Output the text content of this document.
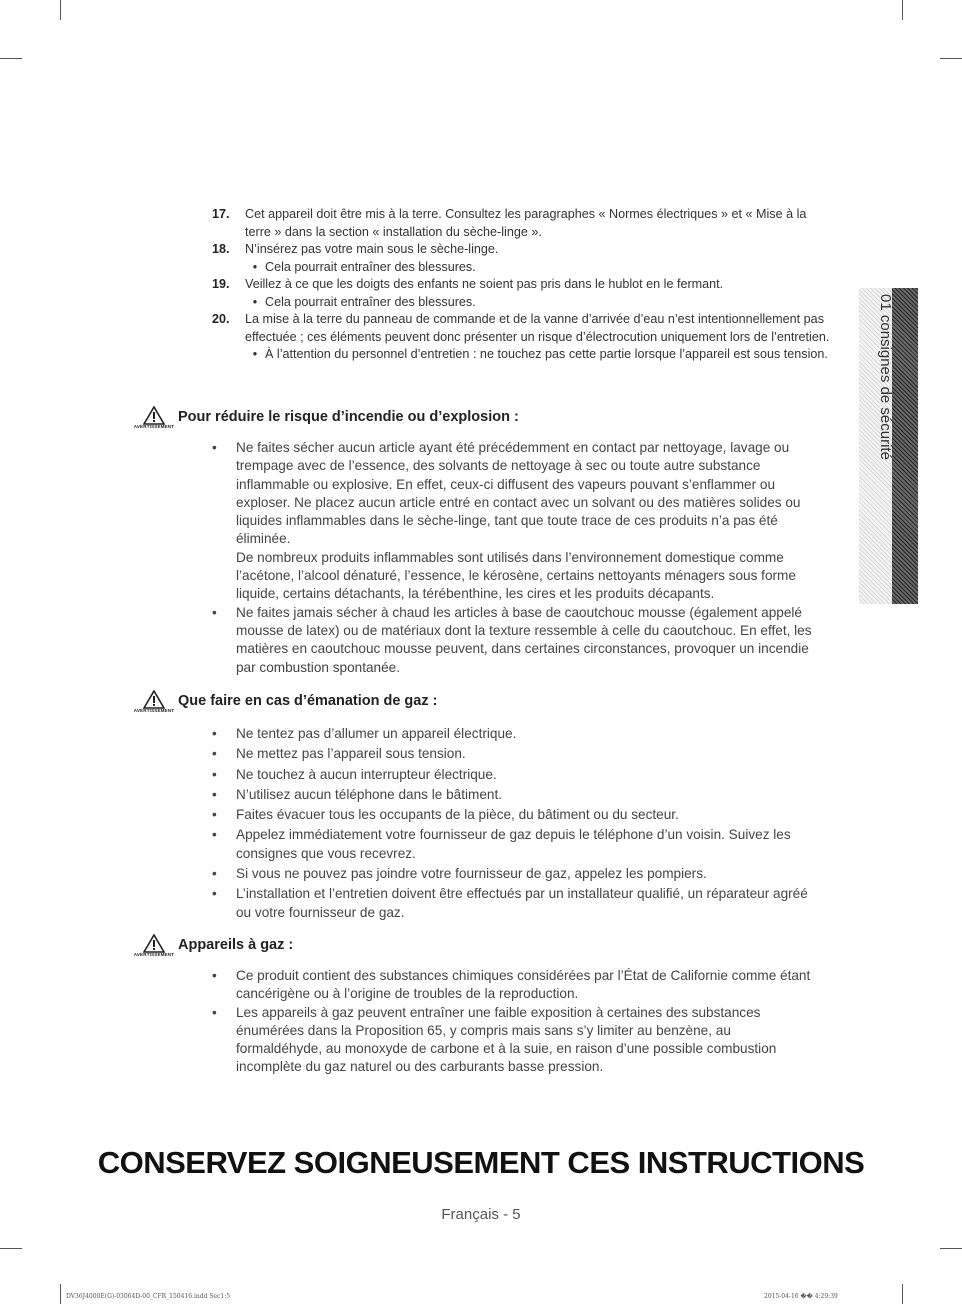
17.	Cet appareil doit être mis à la terre. Consultez les paragraphes « Normes électriques » et « Mise à la terre » dans la section « installation du sèche-linge ».
18.	N’insérez pas votre main sous le sèche-linge.
• Cela pourrait entraîner des blessures.
19.	Veillez à ce que les doigts des enfants ne soient pas pris dans le hublot en le fermant.
• Cela pourrait entraîner des blessures.
20.	La mise à la terre du panneau de commande et de la vanne d’arrivée d’eau n’est intentionnellement pas effectuée ; ces éléments peuvent donc présenter un risque d’électrocution uniquement lors de l’entretien.
• À l’attention du personnel d’entretien : ne touchez pas cette partie lorsque l’appareil est sous tension.
AVERTISSEMENT
Pour réduire le risque d’incendie ou d’explosion :
•	Ne faites sécher aucun article ayant été précédemment en contact par nettoyage, lavage ou trempage avec de l’essence, des solvants de nettoyage à sec ou toute autre substance inflammable ou explosive. En effet, ceux-ci diffusent des vapeurs pouvant s’enflammer ou exploser. Ne placez aucun article entré en contact avec un solvant ou des matières solides ou liquides inflammables dans le sèche-linge, tant que toute trace de ces produits n’a pas été éliminée.
De nombreux produits inflammables sont utilisés dans l’environnement domestique comme l’acétone, l’alcool dénaturé, l’essence, le kérosène, certains nettoyants ménagers sous forme liquide, certains détachants, la térébenthine, les cires et les produits décapants.
•	Ne faites jamais sécher à chaud les articles à base de caoutchouc mousse (également appelé mousse de latex) ou de matériaux dont la texture ressemble à celle du caoutchouc. En effet, les matières en caoutchouc mousse peuvent, dans certaines circonstances, provoquer un incendie par combustion spontanée.
AVERTISSEMENT
Que faire en cas d’émanation de gaz :
•	Ne tentez pas d’allumer un appareil électrique.
•	Ne mettez pas l’appareil sous tension.
•	Ne touchez à aucun interrupteur électrique.
•	N’utilisez aucun téléphone dans le bâtiment.
•	Faites évacuer tous les occupants de la pièce, du bâtiment ou du secteur.
•	Appelez immédiatement votre fournisseur de gaz depuis le téléphone d’un voisin. Suivez les consignes que vous recevrez.
•	Si vous ne pouvez pas joindre votre fournisseur de gaz, appelez les pompiers.
•	L’installation et l’entretien doivent être effectués par un installateur qualifié, un réparateur agréé ou votre fournisseur de gaz.
AVERTISSEMENT
Appareils à gaz :
•	Ce produit contient des substances chimiques considérées par l’État de Californie comme étant cancérigène ou à l’origine de troubles de la reproduction.
•	Les appareils à gaz peuvent entraîner une faible exposition à certaines des substances énumérées dans la Proposition 65, y compris mais sans s’y limiter au benzène, au formaldéhyde, au monoxyde de carbone et à la suie, en raison d’une possible combustion incomplète du gaz naturel ou des carburants basse pression.
01 consignes de sécurité
CONSERVEZ SOIGNEUSEMENT CES INSTRUCTIONS
Français - 5
DV36J4000E(G)-03064D-00_CFR_150416.indd Sec1:5	2015-04-16 �� 4:29:39
